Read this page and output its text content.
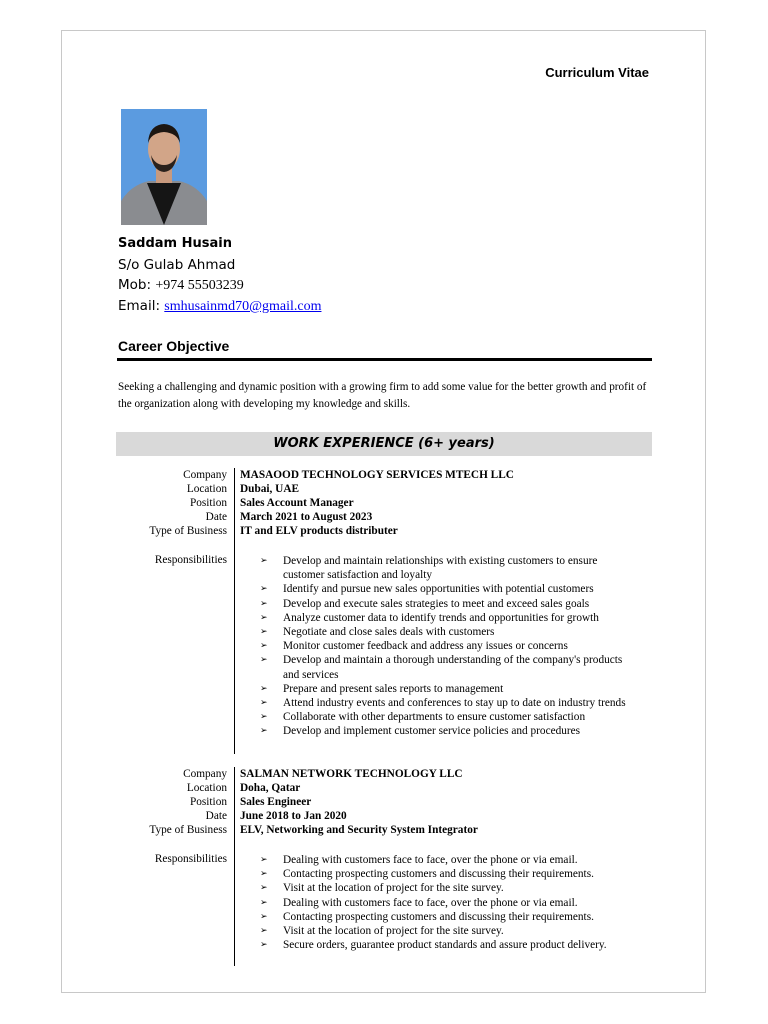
Curriculum Vitae
Saddam Husain
S/o Gulab Ahmad
Mob: +974 55503239
Email: smhusainmd70@gmail.com
Career Objective
Seeking a challenging and dynamic position with a growing firm to add some value for the better growth and profit of the organization along with developing my knowledge and skills.
WORK EXPERIENCE (6+ years)
Company MASAOOD TECHNOLOGY SERVICES MTECH LLC
Location Dubai, UAE
Position Sales Account Manager
Date March 2021 to August 2023
Type of Business IT and ELV products distributer
Responsibilities	➢ Develop and maintain relationships with existing customers to ensure customer satisfaction and loyalty
➢ Identify and pursue new sales opportunities with potential customers
➢ Develop and execute sales strategies to meet and exceed sales goals
➢ Analyze customer data to identify trends and opportunities for growth
➢ Negotiate and close sales deals with customers
➢ Monitor customer feedback and address any issues or concerns
➢ Develop and maintain a thorough understanding of the company's products and services
➢ Prepare and present sales reports to management
➢ Attend industry events and conferences to stay up to date on industry trends
➢ Collaborate with other departments to ensure customer satisfaction
➢ Develop and implement customer service policies and procedures
Company SALMAN NETWORK TECHNOLOGY LLC
Location Doha, Qatar
Position Sales Engineer
Date June 2018 to Jan 2020
Type of Business ELV, Networking and Security System Integrator
Responsibilities	➢ Dealing with customers face to face, over the phone or via email.
➢ Contacting prospecting customers and discussing their requirements.
➢ Visit at the location of project for the site survey.
➢ Dealing with customers face to face, over the phone or via email.
➢ Contacting prospecting customers and discussing their requirements.
➢ Visit at the location of project for the site survey.
➢ Secure orders, guarantee product standards and assure product delivery.
